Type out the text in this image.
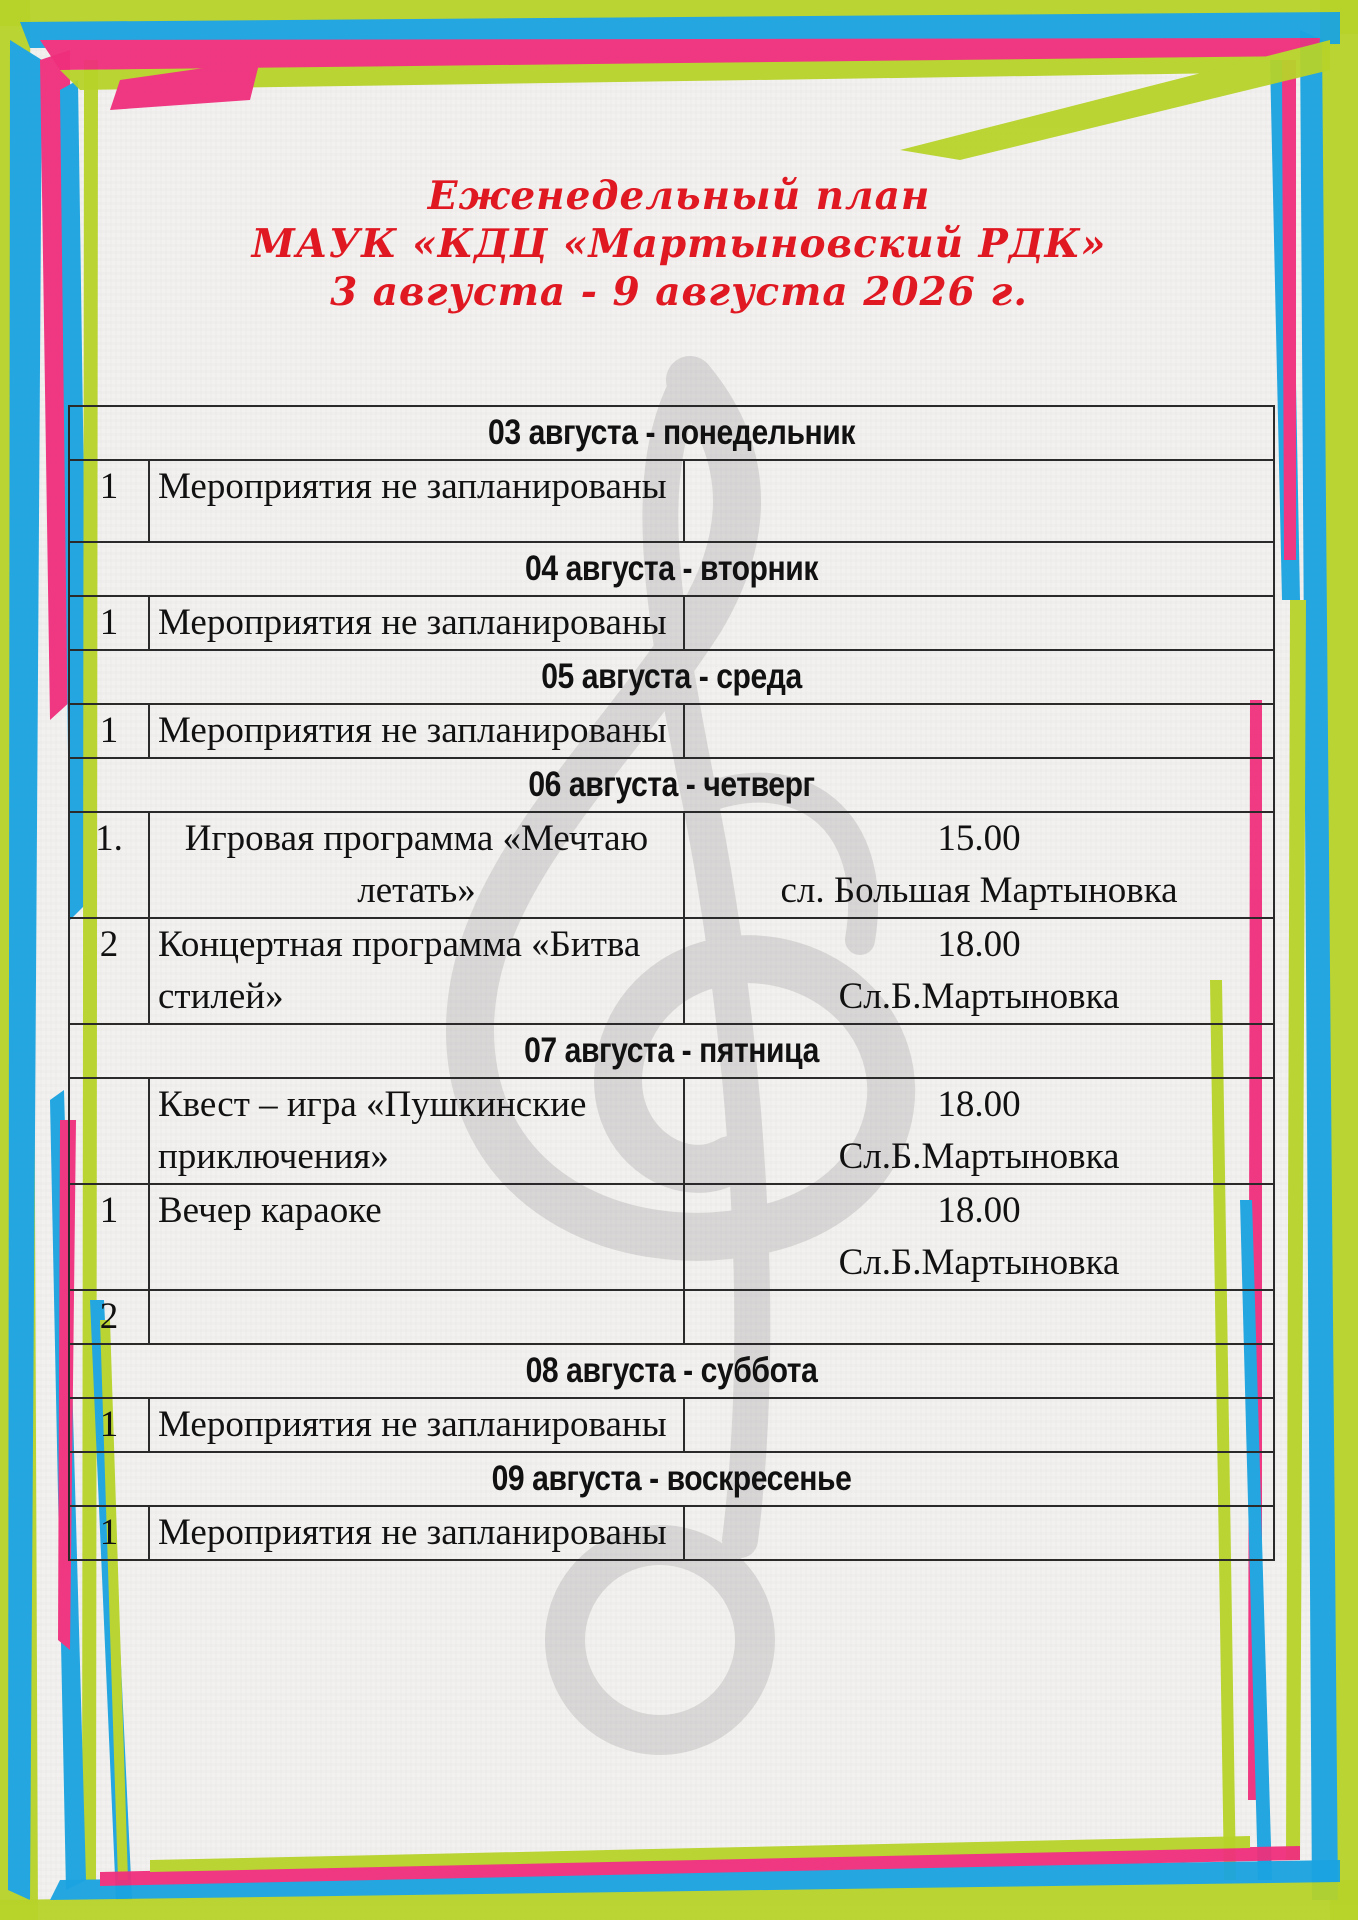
Еженедельный план
МАУК «КДЦ «Мартыновский РДК»
3 августа - 9 августа 2026 г.
03 августа - понедельник		
1	Мероприятия не запланированы	
04 августа - вторник		
1	Мероприятия не запланированы	
05 августа - среда		
1	Мероприятия не запланированы	
06 августа - четверг		
1.	Игровая программа «Мечтаю летать»	15.00
сл. Большая Мартыновка

2	Концертная программа «Битва стилей»	18.00
Сл.Б.Мартыновка

07 августа - пятница		
	Квест – игра «Пушкинские приключения»	18.00
Сл.Б.Мартыновка

1	Вечер караоке	18.00
Сл.Б.Мартыновка

2		
08 августа - суббота		
1	Мероприятия не запланированы	
09 августа - воскресенье		
1	Мероприятия не запланированы	
